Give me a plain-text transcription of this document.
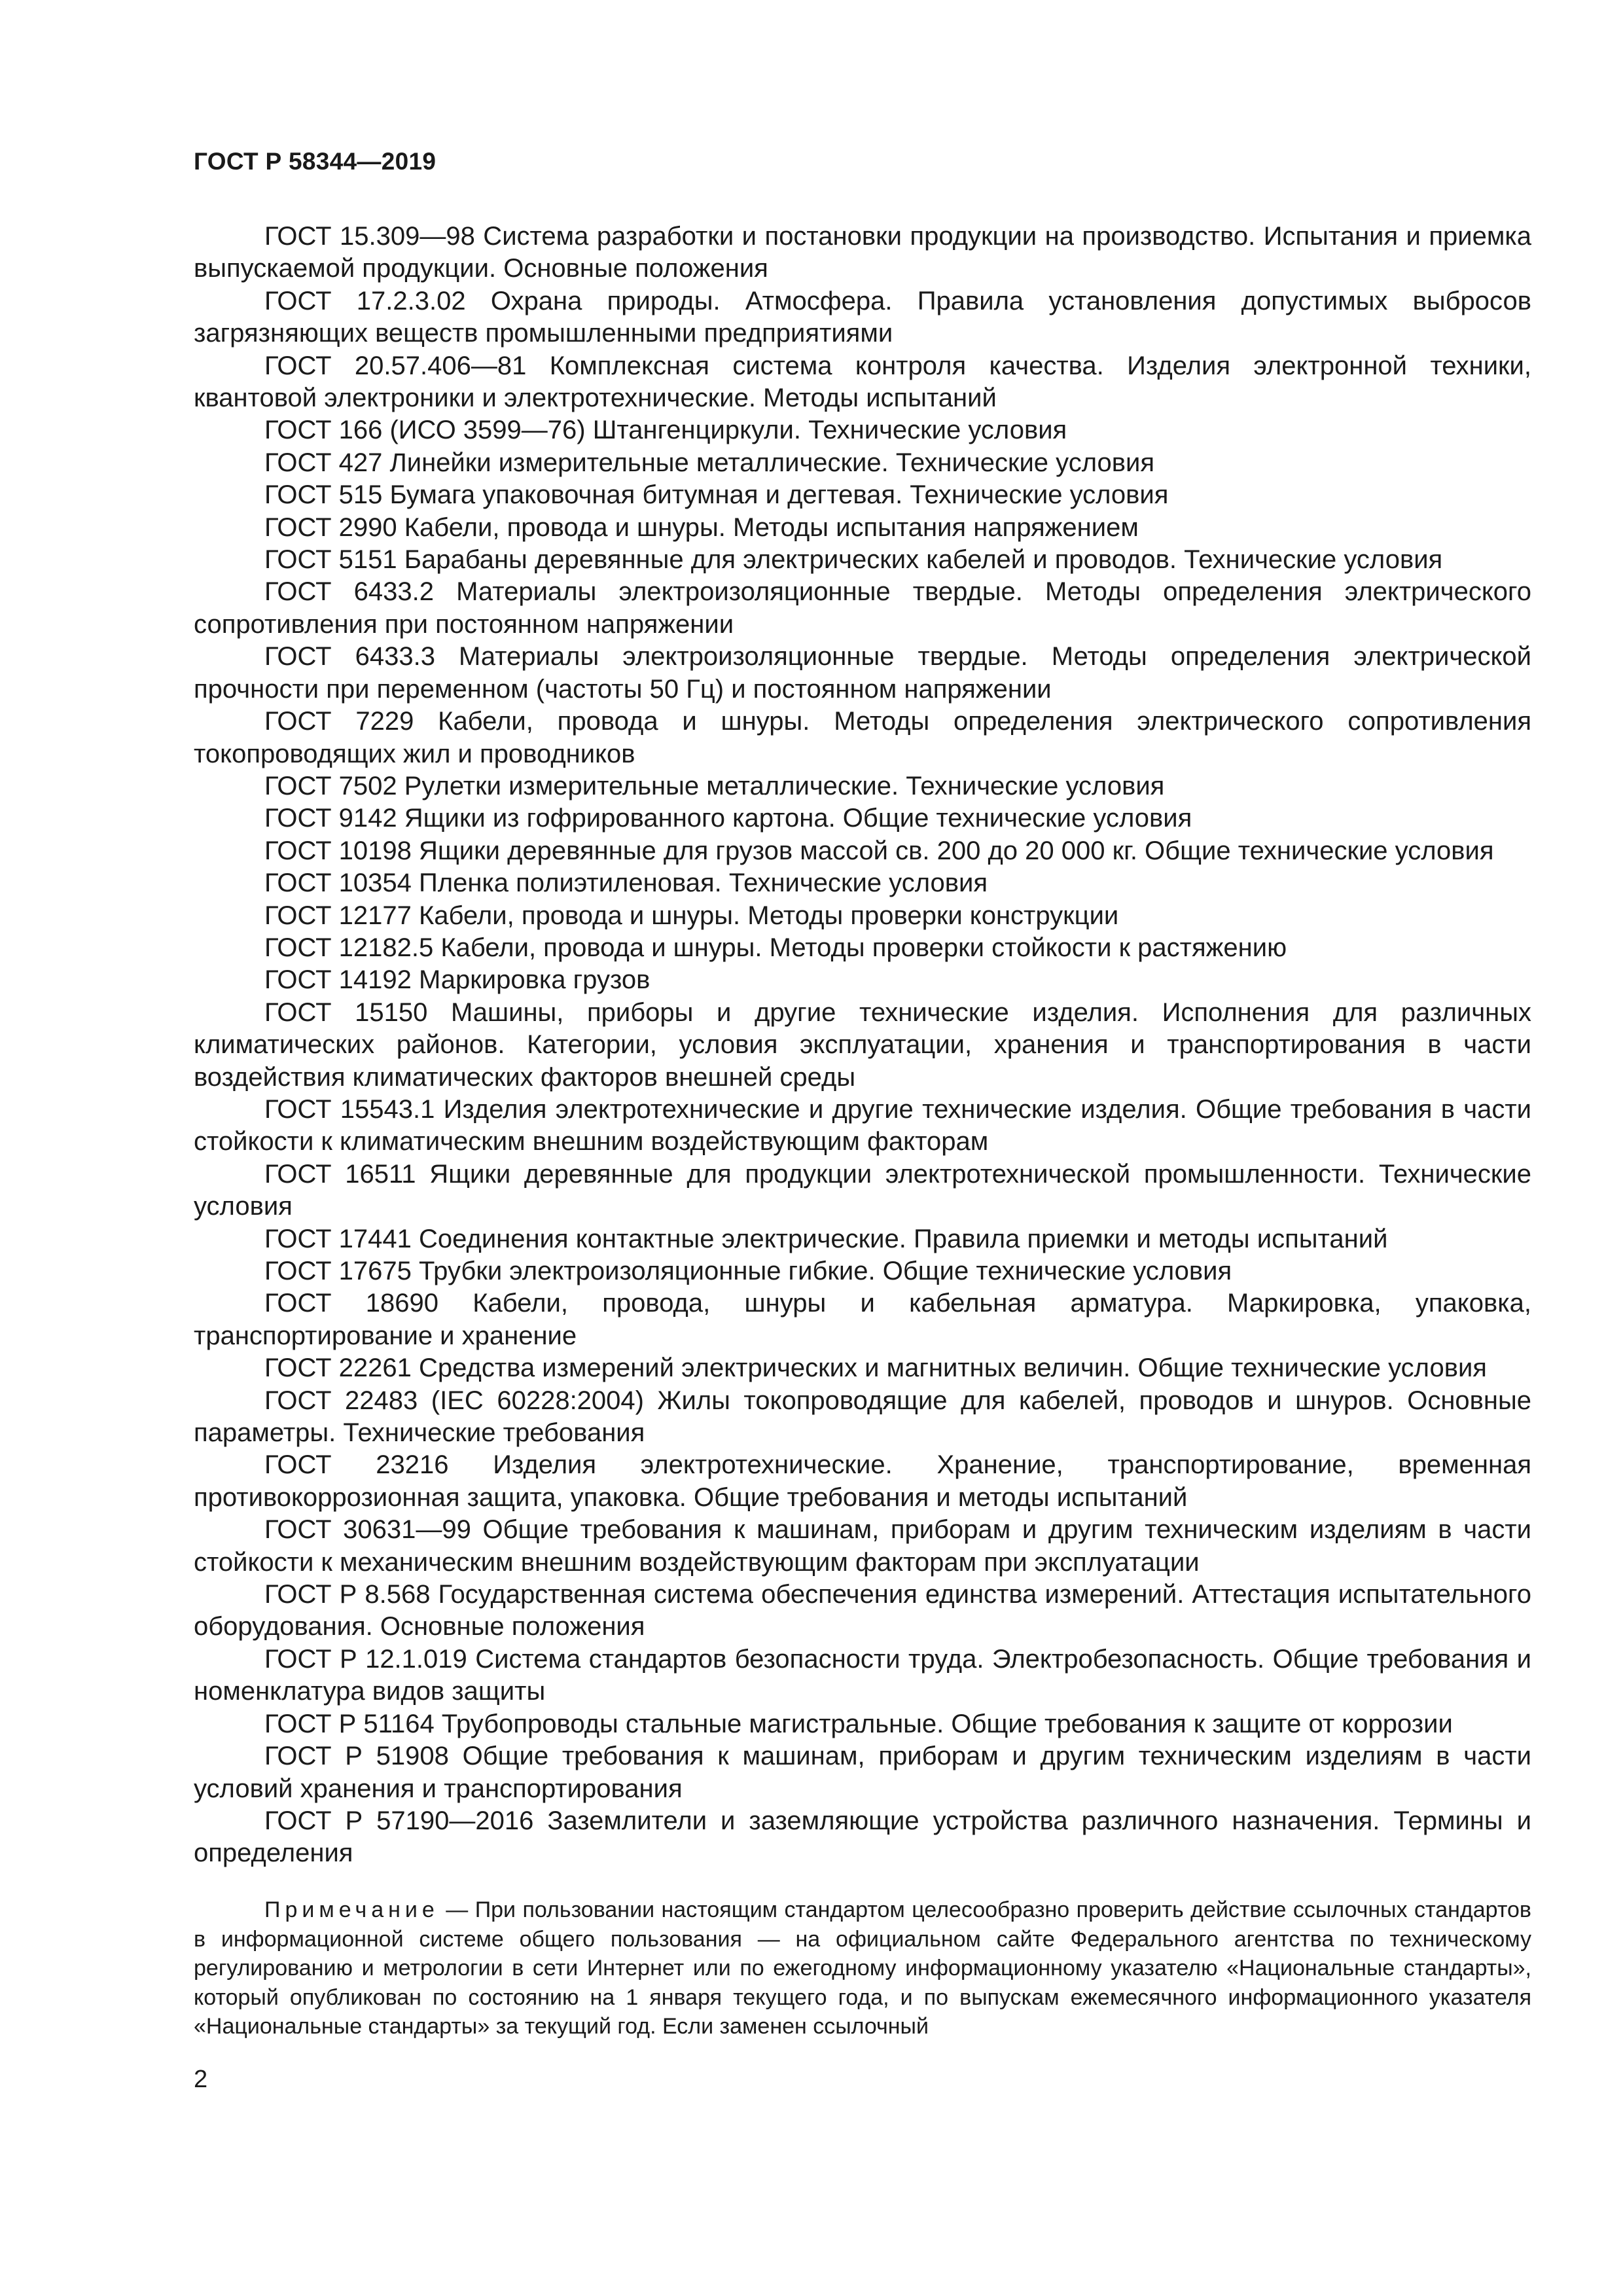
ГОСТ Р 58344—2019
ГОСТ 15.309—98 Система разработки и постановки продукции на производство. Испытания и приемка выпускаемой продукции. Основные положения
ГОСТ 17.2.3.02 Охрана природы. Атмосфера. Правила установления допустимых выбросов загрязняющих веществ промышленными предприятиями
ГОСТ 20.57.406—81 Комплексная система контроля качества. Изделия электронной техники, квантовой электроники и электротехнические. Методы испытаний
ГОСТ 166 (ИСО 3599—76) Штангенциркули. Технические условия
ГОСТ 427 Линейки измерительные металлические. Технические условия
ГОСТ 515 Бумага упаковочная битумная и дегтевая. Технические условия
ГОСТ 2990 Кабели, провода и шнуры. Методы испытания напряжением
ГОСТ 5151 Барабаны деревянные для электрических кабелей и проводов. Технические условия
ГОСТ 6433.2 Материалы электроизоляционные твердые. Методы определения электрического сопротивления при постоянном напряжении
ГОСТ 6433.3 Материалы электроизоляционные твердые. Методы определения электрической прочности при переменном (частоты 50 Гц) и постоянном напряжении
ГОСТ 7229 Кабели, провода и шнуры. Методы определения электрического сопротивления токопроводящих жил и проводников
ГОСТ 7502 Рулетки измерительные металлические. Технические условия
ГОСТ 9142 Ящики из гофрированного картона. Общие технические условия
ГОСТ 10198 Ящики деревянные для грузов массой св. 200 до 20 000 кг. Общие технические условия
ГОСТ 10354 Пленка полиэтиленовая. Технические условия
ГОСТ 12177 Кабели, провода и шнуры. Методы проверки конструкции
ГОСТ 12182.5 Кабели, провода и шнуры. Методы проверки стойкости к растяжению
ГОСТ 14192 Маркировка грузов
ГОСТ 15150 Машины, приборы и другие технические изделия. Исполнения для различных климатических районов. Категории, условия эксплуатации, хранения и транспортирования в части воздействия климатических факторов внешней среды
ГОСТ 15543.1 Изделия электротехнические и другие технические изделия. Общие требования в части стойкости к климатическим внешним воздействующим факторам
ГОСТ 16511 Ящики деревянные для продукции электротехнической промышленности. Технические условия
ГОСТ 17441 Соединения контактные электрические. Правила приемки и методы испытаний
ГОСТ 17675 Трубки электроизоляционные гибкие. Общие технические условия
ГОСТ 18690 Кабели, провода, шнуры и кабельная арматура. Маркировка, упаковка, транспортирование и хранение
ГОСТ 22261 Средства измерений электрических и магнитных величин. Общие технические условия
ГОСТ 22483 (IEC 60228:2004) Жилы токопроводящие для кабелей, проводов и шнуров. Основные параметры. Технические требования
ГОСТ 23216 Изделия электротехнические. Хранение, транспортирование, временная противокоррозионная защита, упаковка. Общие требования и методы испытаний
ГОСТ 30631—99 Общие требования к машинам, приборам и другим техническим изделиям в части стойкости к механическим внешним воздействующим факторам при эксплуатации
ГОСТ Р 8.568 Государственная система обеспечения единства измерений. Аттестация испытательного оборудования. Основные положения
ГОСТ Р 12.1.019 Система стандартов безопасности труда. Электробезопасность. Общие требования и номенклатура видов защиты
ГОСТ Р 51164 Трубопроводы стальные магистральные. Общие требования к защите от коррозии
ГОСТ Р 51908 Общие требования к машинам, приборам и другим техническим изделиям в части условий хранения и транспортирования
ГОСТ Р 57190—2016 Заземлители и заземляющие устройства различного назначения. Термины и определения

Примечание — При пользовании настоящим стандартом целесообразно проверить действие ссылочных стандартов в информационной системе общего пользования — на официальном сайте Федерального агентства по техническому регулированию и метрологии в сети Интернет или по ежегодному информационному указателю «Национальные стандарты», который опубликован по состоянию на 1 января текущего года, и по выпускам ежемесячного информационного указателя «Национальные стандарты» за текущий год. Если заменен ссылочный

2
